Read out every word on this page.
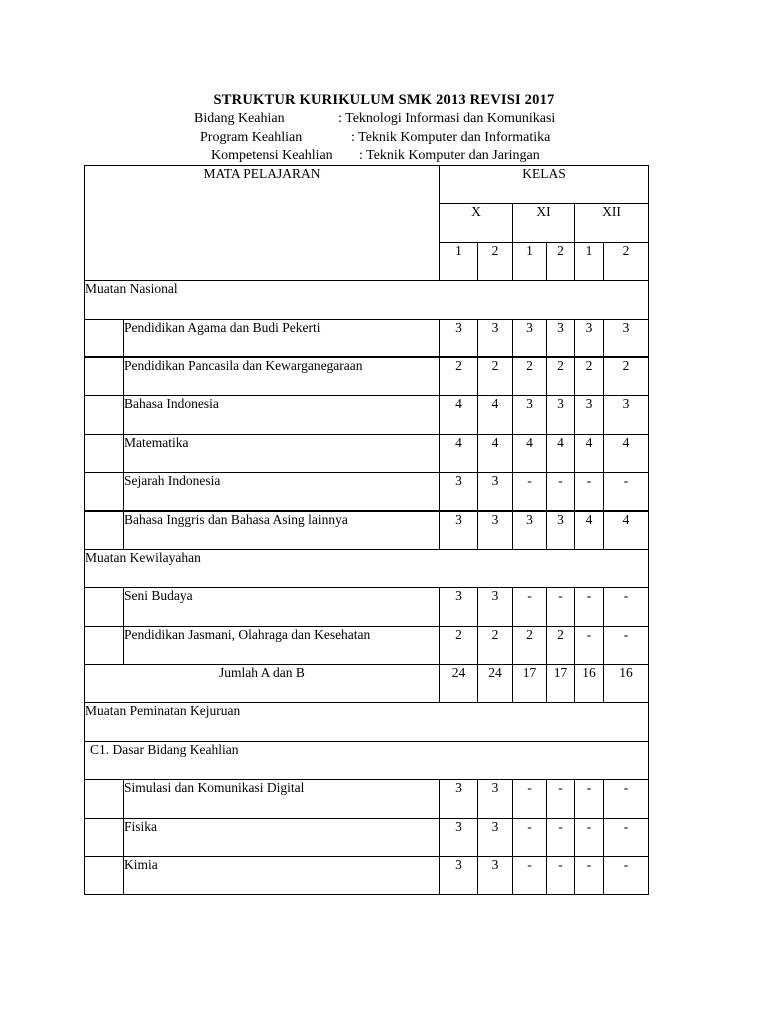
STRUKTUR KURIKULUM SMK 2013 REVISI 2017
Bidang Keahian	: Teknologi Informasi dan Komunikasi
Program Keahlian	: Teknik Komputer dan Informatika
Kompetensi Keahlian : Teknik Komputer dan Jaringan
MATA PELAJARAN		KELAS					
		X		XI		XII	
		1	2	1	2	1	2
Muatan Nasional							
	Pendidikan Agama dan Budi Pekerti	3	3	3	3	3	3
	Pendidikan Pancasila dan Kewarganegaraan	2	2	2	2	2	2
	Bahasa Indonesia	4	4	3	3	3	3
	Matematika	4	4	4	4	4	4
	Sejarah Indonesia	3	3	-	-	-	-
	Bahasa Inggris dan Bahasa Asing lainnya	3	3	3	3	4	4
Muatan Kewilayahan							
	Seni Budaya	3	3	-	-	-	-
	Pendidikan Jasmani, Olahraga dan Kesehatan	2	2	2	2	-	-
Jumlah A dan B		24	24	17	17	16	16
Muatan Peminatan Kejuruan							
C1. Dasar Bidang Keahlian							
	Simulasi dan Komunikasi Digital	3	3	-	-	-	-
	Fisika	3	3	-	-	-	-
	Kimia	3	3	-	-	-	-
